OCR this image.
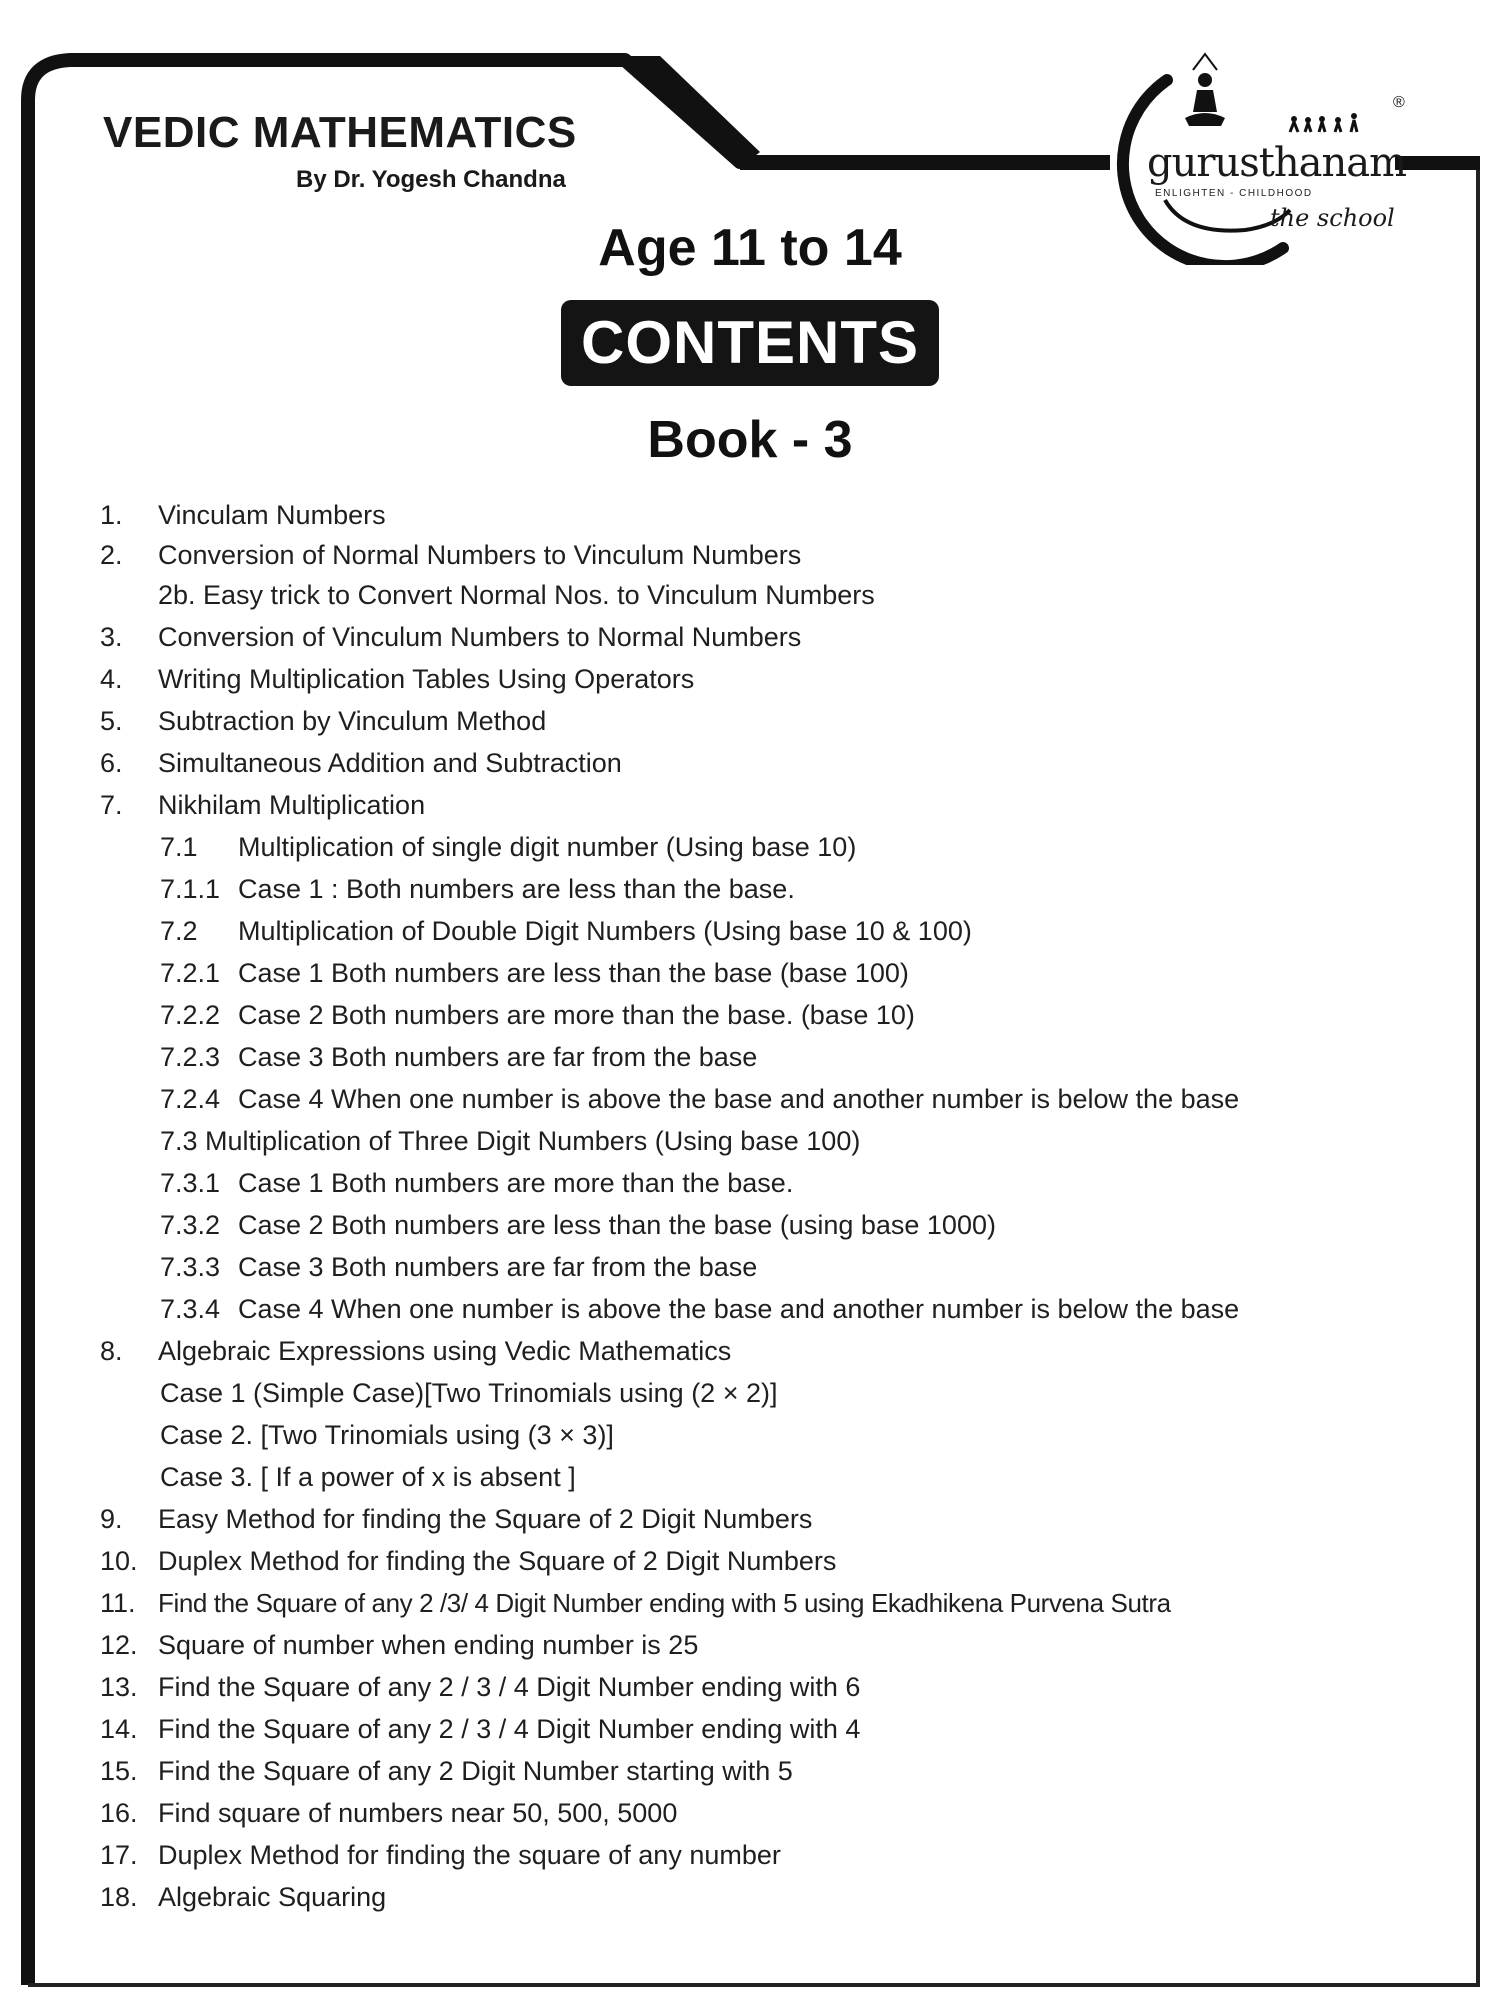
VEDIC MATHEMATICS
By Dr. Yogesh Chandna	gurusthanam
ENLIGHTEN - CHILDHOOD
the school
®
Age 11 to 14
CONTENTS
Book - 3
1. Vinculam Numbers
2. Conversion of Normal Numbers to Vinculum Numbers
2b. Easy trick to Convert Normal Nos. to Vinculum Numbers
3. Conversion of Vinculum Numbers to Normal Numbers
4. Writing Multiplication Tables Using Operators
5. Subtraction by Vinculum Method
6. Simultaneous Addition and Subtraction
7. Nikhilam Multiplication
7.1 Multiplication of single digit number (Using base 10)
7.1.1 Case 1 : Both numbers are less than the base.
7.2 Multiplication of Double Digit Numbers (Using base 10 & 100)
7.2.1 Case 1 Both numbers are less than the base (base 100)
7.2.2 Case 2 Both numbers are more than the base. (base 10)
7.2.3 Case 3 Both numbers are far from the base
7.2.4 Case 4 When one number is above the base and another number is below the base
7.3 Multiplication of Three Digit Numbers (Using base 100)
7.3.1 Case 1 Both numbers are more than the base.
7.3.2 Case 2 Both numbers are less than the base (using base 1000)
7.3.3 Case 3 Both numbers are far from the base
7.3.4 Case 4 When one number is above the base and another number is below the base
8. Algebraic Expressions using Vedic Mathematics
Case 1 (Simple Case)[Two Trinomials using (2 × 2)]
Case 2. [Two Trinomials using (3 × 3)]
Case 3. [ If a power of x is absent ]
9. Easy Method for finding the Square of 2 Digit Numbers
10. Duplex Method for finding the Square of 2 Digit Numbers
11. Find the Square of any 2 /3/ 4 Digit Number ending with 5 using Ekadhikena Purvena Sutra
12. Square of number when ending number is 25
13. Find the Square of any 2 / 3 / 4 Digit Number ending with 6
14. Find the Square of any 2 / 3 / 4 Digit Number ending with 4
15. Find the Square of any 2 Digit Number starting with 5
16. Find square of numbers near 50, 500, 5000
17. Duplex Method for finding the square of any number
18. Algebraic Squaring
